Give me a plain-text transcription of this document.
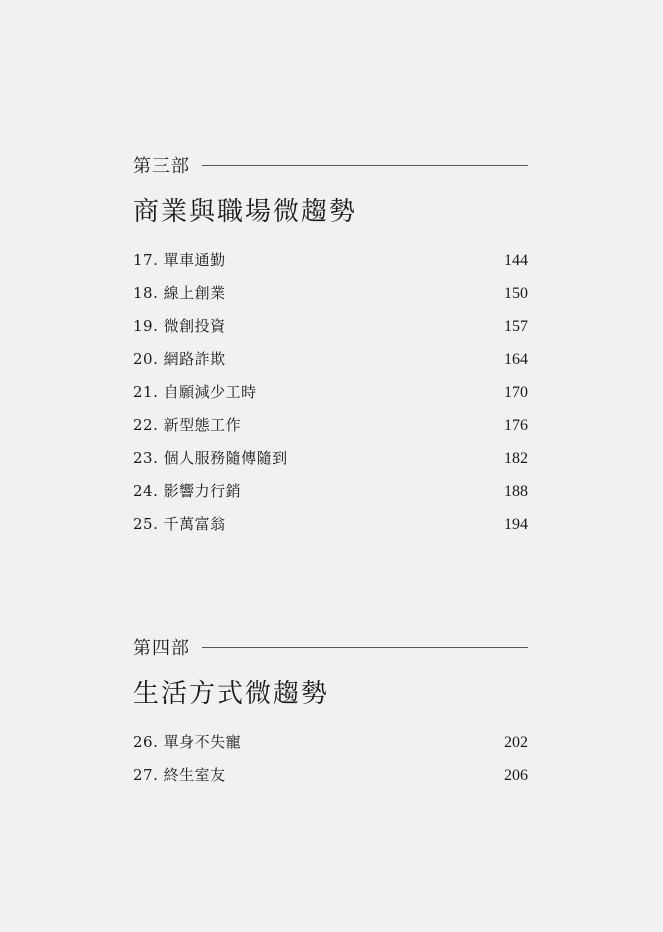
第三部
商業與職場微趨勢
17. 單車通勤	144
18. 線上創業	150
19. 微創投資	157
20. 網路詐欺	164
21. 自願減少工時	170
22. 新型態工作	176
23. 個人服務隨傳隨到	182
24. 影響力行銷	188
25. 千萬富翁	194
第四部
生活方式微趨勢
26. 單身不失寵	202
27. 終生室友	206
